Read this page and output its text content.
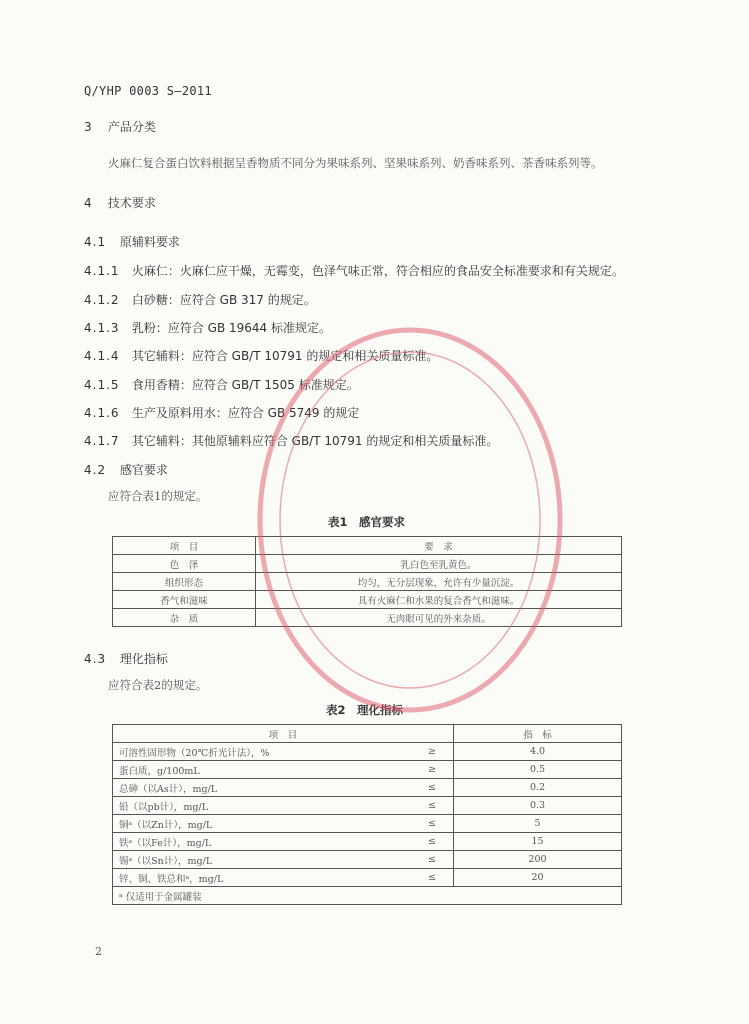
Q/YHP 0003 S—2011
3 产品分类
火麻仁复合蛋白饮料根据呈香物质不同分为果味系列、坚果味系列、奶香味系列、茶香味系列等。
4 技术要求
4.1 原辅料要求
4.1.1 火麻仁：火麻仁应干燥，无霉变，色泽气味正常，符合相应的食品安全标准要求和有关规定。
4.1.2 白砂糖：应符合 GB 317 的规定。
4.1.3 乳粉：应符合 GB 19644 标准规定。
4.1.4 其它辅料：应符合 GB/T 10791 的规定和相关质量标准。
4.1.5 食用香精：应符合 GB/T 1505 标准规定。
4.1.6 生产及原料用水：应符合 GB 5749 的规定
4.1.7 其它辅料：其他原辅料应符合 GB/T 10791 的规定和相关质量标准。
4.2 感官要求
应符合表1的规定。
表1　感官要求
项　目	要　求
色　泽	乳白色至乳黄色。
组织形态	均匀，无分层现象，允许有少量沉淀。
香气和滋味	具有火麻仁和水果的复合香气和滋味。
杂　质	无肉眼可见的外来杂质。
4.3 理化指标
应符合表2的规定。
表2　理化指标
项　目		指　标
可溶性固形物（20℃折光计法），%	≥	4.0
蛋白质，g/100mL	≥	0.5
总砷（以As计），mg/L	≤	0.2
铅（以pb计），mg/L	≤	0.3
铜ᵃ（以Zn计），mg/L	≤	5
铁ᵃ（以Fe计），mg/L	≤	15
锡ᵃ（以Sn计），mg/L	≤	200
锌、铜、铁总和ᵃ，mg/L	≤	20
ᵃ 仅适用于金属罐装		
2
